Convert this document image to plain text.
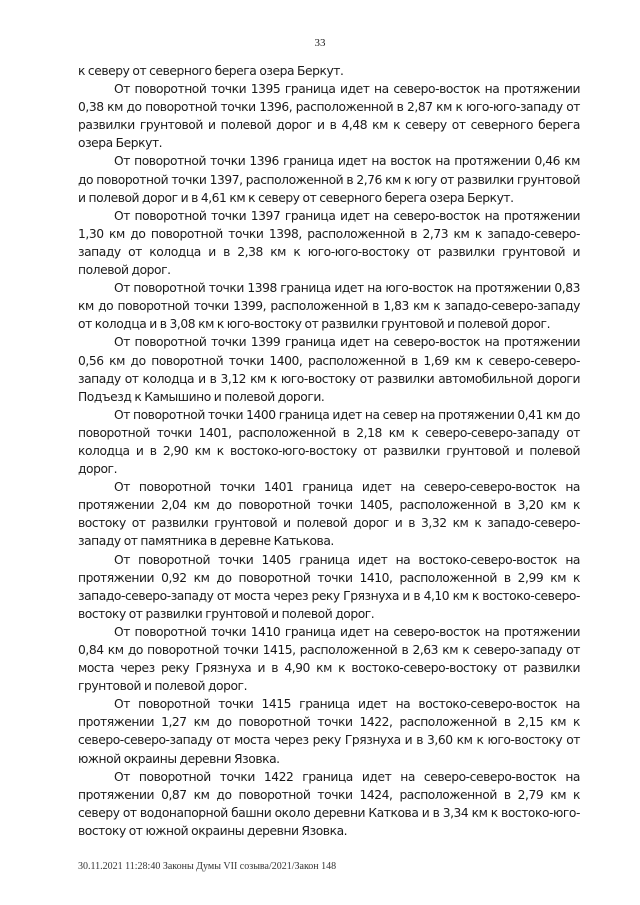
33

к северу от северного берега озера Беркут.

От поворотной точки 1395 граница идет на северо-восток на протяжении 0,38 км до поворотной точки 1396, расположенной в 2,87 км к юго-юго-западу от развилки грунтовой и полевой дорог и в 4,48 км к северу от северного берега озера Беркут.

От поворотной точки 1396 граница идет на восток на протяжении 0,46 км до поворотной точки 1397, расположенной в 2,76 км к югу от развилки грунтовой и полевой дорог и в 4,61 км к северу от северного берега озера Беркут.

От поворотной точки 1397 граница идет на северо-восток на протяжении 1,30 км до поворотной точки 1398, расположенной в 2,73 км к западо-северо-западу от колодца и в 2,38 км к юго-юго-востоку от развилки грунтовой и полевой дорог.

От поворотной точки 1398 граница идет на юго-восток на протяжении 0,83 км до поворотной точки 1399, расположенной в 1,83 км к западо-северо-западу от колодца и в 3,08 км к юго-востоку от развилки грунтовой и полевой дорог.

От поворотной точки 1399 граница идет на северо-восток на протяжении 0,56 км до поворотной точки 1400, расположенной в 1,69 км к северо-северо-западу от колодца и в 3,12 км к юго-востоку от развилки автомобильной дороги Подъезд к Камышино и полевой дороги.

От поворотной точки 1400 граница идет на север на протяжении 0,41 км до поворотной точки 1401, расположенной в 2,18 км к северо-северо-западу от колодца и в 2,90 км к востоко-юго-востоку от развилки грунтовой и полевой дорог.

От поворотной точки 1401 граница идет на северо-северо-восток на протяжении 2,04 км до поворотной точки 1405, расположенной в 3,20 км к востоку от развилки грунтовой и полевой дорог и в 3,32 км к западо-северо-западу от памятника в деревне Катькова.

От поворотной точки 1405 граница идет на востоко-северо-восток на протяжении 0,92 км до поворотной точки 1410, расположенной в 2,99 км к западо-северо-западу от моста через реку Грязнуха и в 4,10 км к востоко-северо-востоку от развилки грунтовой и полевой дорог.

От поворотной точки 1410 граница идет на северо-восток на протяжении 0,84 км до поворотной точки 1415, расположенной в 2,63 км к северо-западу от моста через реку Грязнуха и в 4,90 км к востоко-северо-востоку от развилки грунтовой и полевой дорог.

От поворотной точки 1415 граница идет на востоко-северо-восток на протяжении 1,27 км до поворотной точки 1422, расположенной в 2,15 км к северо-северо-западу от моста через реку Грязнуха и в 3,60 км к юго-востоку от южной окраины деревни Язовка.

От поворотной точки 1422 граница идет на северо-северо-восток на протяжении 0,87 км до поворотной точки 1424, расположенной в 2,79 км к северу от водонапорной башни около деревни Каткова и в 3,34 км к востоко-юго-востоку от южной окраины деревни Язовка.

30.11.2021 11:28:40 Законы Думы VII созыва/2021/Закон 148
